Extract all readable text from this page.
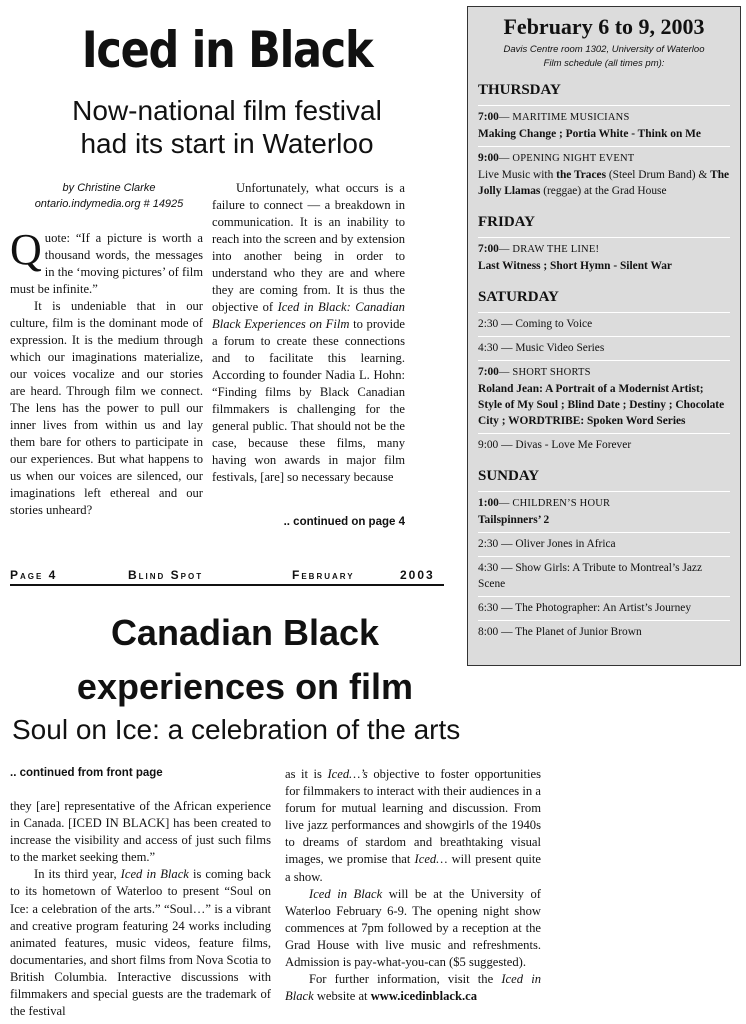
Iced in Black
Now-national film festival
had its start in Waterloo
by Christine Clarke
ontario.indymedia.org # 14925

Quote: “If a picture is worth a thousand words, the messages in the ‘moving pictures’ of film must be infinite.”

It is undeniable that in our culture, film is the dominant mode of expression. It is the medium through which our imaginations materialize, our voices vocalize and our stories are heard. Through film we connect. The lens has the power to pull our inner lives from within us and lay them bare for others to participate in our experiences. But what happens to us when our voices are silenced, our imaginations left ethereal and our stories unheard?

Unfortunately, what occurs is a failure to connect — a breakdown in communication. It is an inability to reach into the screen and by extension into another being in order to understand who they are and where they are coming from. It is thus the objective of Iced in Black: Canadian Black Experiences on Film to provide a forum to create these connections and to facilitate this learning. According to founder Nadia L. Hohn: “Finding films by Black Canadian filmmakers is challenging for the general public. That should not be the case, because these films, many having won awards in major film festivals, [are] so necessary because

.. continued on page 4
Page 4	Blind Spot	February	2003
February 6 to 9, 2003
Davis Centre room 1302, University of Waterloo
Film schedule (all times pm):
THURSDAY
7:00— MARITIME MUSICIANS
Making Change ; Portia White - Think on Me
9:00— OPENING NIGHT EVENT
Live Music with the Traces (Steel Drum Band) & The Jolly Llamas (reggae) at the Grad House
FRIDAY
7:00— DRAW THE LINE!
Last Witness ; Short Hymn - Silent War
SATURDAY
2:30 — Coming to Voice
4:30 — Music Video Series
7:00— SHORT SHORTS
Roland Jean: A Portrait of a Modernist Artist; Style of My Soul ; Blind Date ; Destiny ; Chocolate City ; WORDTRIBE: Spoken Word Series
9:00 — Divas - Love Me Forever
SUNDAY
1:00— CHILDREN’S HOUR
Tailspinners’ 2
2:30 — Oliver Jones in Africa
4:30 — Show Girls: A Tribute to Montreal’s Jazz Scene
6:30 — The Photographer: An Artist’s Journey
8:00 — The Planet of Junior Brown
Canadian Black
experiences on film
Soul on Ice: a celebration of the arts
.. continued from front page

they [are] representative of the African experience in Canada. [ICED IN BLACK] has been created to increase the visibility and access of just such films to the market seeking them.”

In its third year, Iced in Black is coming back to its hometown of Waterloo to present “Soul on Ice: a celebration of the arts.” “Soul…” is a vibrant and creative program featuring 24 works including animated features, music videos, feature films, documentaries, and short films from Nova Scotia to British Columbia. Interactive discussions with filmmakers and special guests are the trademark of the festival

as it is Iced…’s objective to foster opportunities for filmmakers to interact with their audiences in a forum for mutual learning and discussion. From live jazz performances and showgirls of the 1940s to dreams of stardom and breathtaking visual images, we promise that Iced… will present quite a show.

Iced in Black will be at the University of Waterloo February 6-9. The opening night show commences at 7pm followed by a reception at the Grad House with live music and refreshments. Admission is pay-what-you-can ($5 suggested).

For further information, visit the Iced in Black website at www.icedinblack.ca
